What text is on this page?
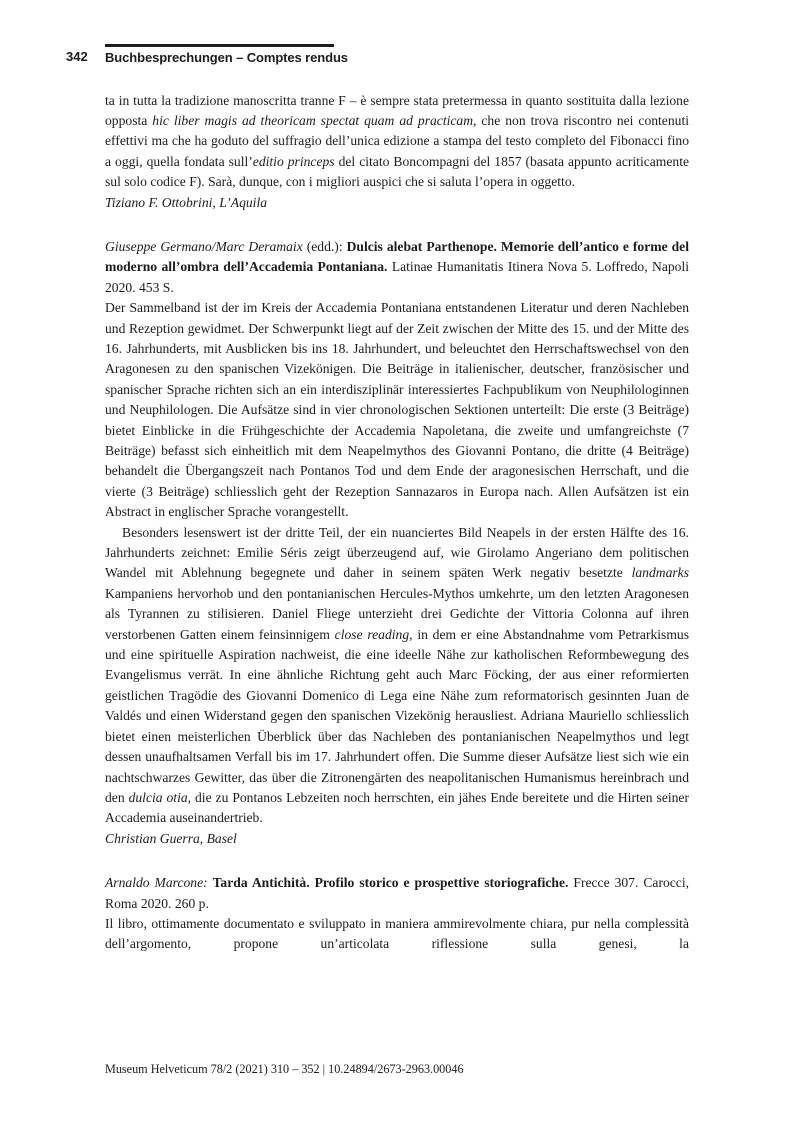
342 Buchbesprechungen – Comptes rendus

ta in tutta la tradizione manoscritta tranne F – è sempre stata pretermessa in quanto sostituita dalla lezione opposta hic liber magis ad theoricam spectat quam ad practicam, che non trova riscontro nei contenuti effettivi ma che ha goduto del suffragio dell’unica edizione a stampa del testo completo del Fibonacci fino a oggi, quella fondata sull’editio princeps del citato Boncompagni del 1857 (basata appunto acriticamente sul solo codice F). Sarà, dunque, con i migliori auspici che si saluta l’opera in oggetto.

Tiziano F. Ottobrini, L’Aquila

Giuseppe Germano/Marc Deramaix (edd.): Dulcis alebat Parthenope. Memorie dell’antico e forme del moderno all’ombra dell’Accademia Pontaniana. Latinae Humanitatis Itinera Nova 5. Loffredo, Napoli 2020. 453 S.

Der Sammelband ist der im Kreis der Accademia Pontaniana entstandenen Literatur und deren Nachleben und Rezeption gewidmet. Der Schwerpunkt liegt auf der Zeit zwischen der Mitte des 15. und der Mitte des 16. Jahrhunderts, mit Ausblicken bis ins 18. Jahrhundert, und beleuchtet den Herrschaftswechsel von den Aragonesen zu den spanischen Vizekönigen. Die Beiträge in italienischer, deutscher, französischer und spanischer Sprache richten sich an ein interdisziplinär interessiertes Fachpublikum von Neuphilologinnen und Neuphilologen. Die Aufsätze sind in vier chronologischen Sektionen unterteilt: Die erste (3 Beiträge) bietet Einblicke in die Frühgeschichte der Accademia Napoletana, die zweite und umfangreichste (7 Beiträge) befasst sich einheitlich mit dem Neapelmythos des Giovanni Pontano, die dritte (4 Beiträge) behandelt die Übergangszeit nach Pontanos Tod und dem Ende der aragonesischen Herrschaft, und die vierte (3 Beiträge) schliesslich geht der Rezeption Sannazaros in Europa nach. Allen Aufsätzen ist ein Abstract in englischer Sprache vorangestellt.

Besonders lesenswert ist der dritte Teil, der ein nuanciertes Bild Neapels in der ersten Hälfte des 16. Jahrhunderts zeichnet: Emilie Séris zeigt überzeugend auf, wie Girolamo Angeriano dem politischen Wandel mit Ablehnung begegnete und daher in seinem späten Werk negativ besetzte landmarks Kampaniens hervorhob und den pontanianischen Hercules-Mythos umkehrte, um den letzten Aragonesen als Tyrannen zu stilisieren. Daniel Fliege unterzieht drei Gedichte der Vittoria Colonna auf ihren verstorbenen Gatten einem feinsinnigem close reading, in dem er eine Abstandnahme vom Petrarkismus und eine spirituelle Aspiration nachweist, die eine ideelle Nähe zur katholischen Reformbewegung des Evangelismus verrät. In eine ähnliche Richtung geht auch Marc Föcking, der aus einer reformierten geistlichen Tragödie des Giovanni Domenico di Lega eine Nähe zum reformatorisch gesinnten Juan de Valdés und einen Widerstand gegen den spanischen Vizekönig herausliest. Adriana Mauriello schliesslich bietet einen meisterlichen Überblick über das Nachleben des pontanianischen Neapelmythos und legt dessen unaufhaltsamen Verfall bis im 17. Jahrhundert offen. Die Summe dieser Aufsätze liest sich wie ein nachtschwarzes Gewitter, das über die Zitronengärten des neapolitanischen Humanismus hereinbrach und den dulcia otia, die zu Pontanos Lebzeiten noch herrschten, ein jähes Ende bereitete und die Hirten seiner Accademia auseinandertrieb.

Christian Guerra, Basel

Arnaldo Marcone: Tarda Antichità. Profilo storico e prospettive storiografiche. Frecce 307. Carocci, Roma 2020. 260 p.

Il libro, ottimamente documentato e sviluppato in maniera ammirevolmente chiara, pur nella complessità dell’argomento, propone un’articolata riflessione sulla genesi, la

Museum Helveticum 78/2 (2021) 310 – 352 | 10.24894/2673-2963.00046
